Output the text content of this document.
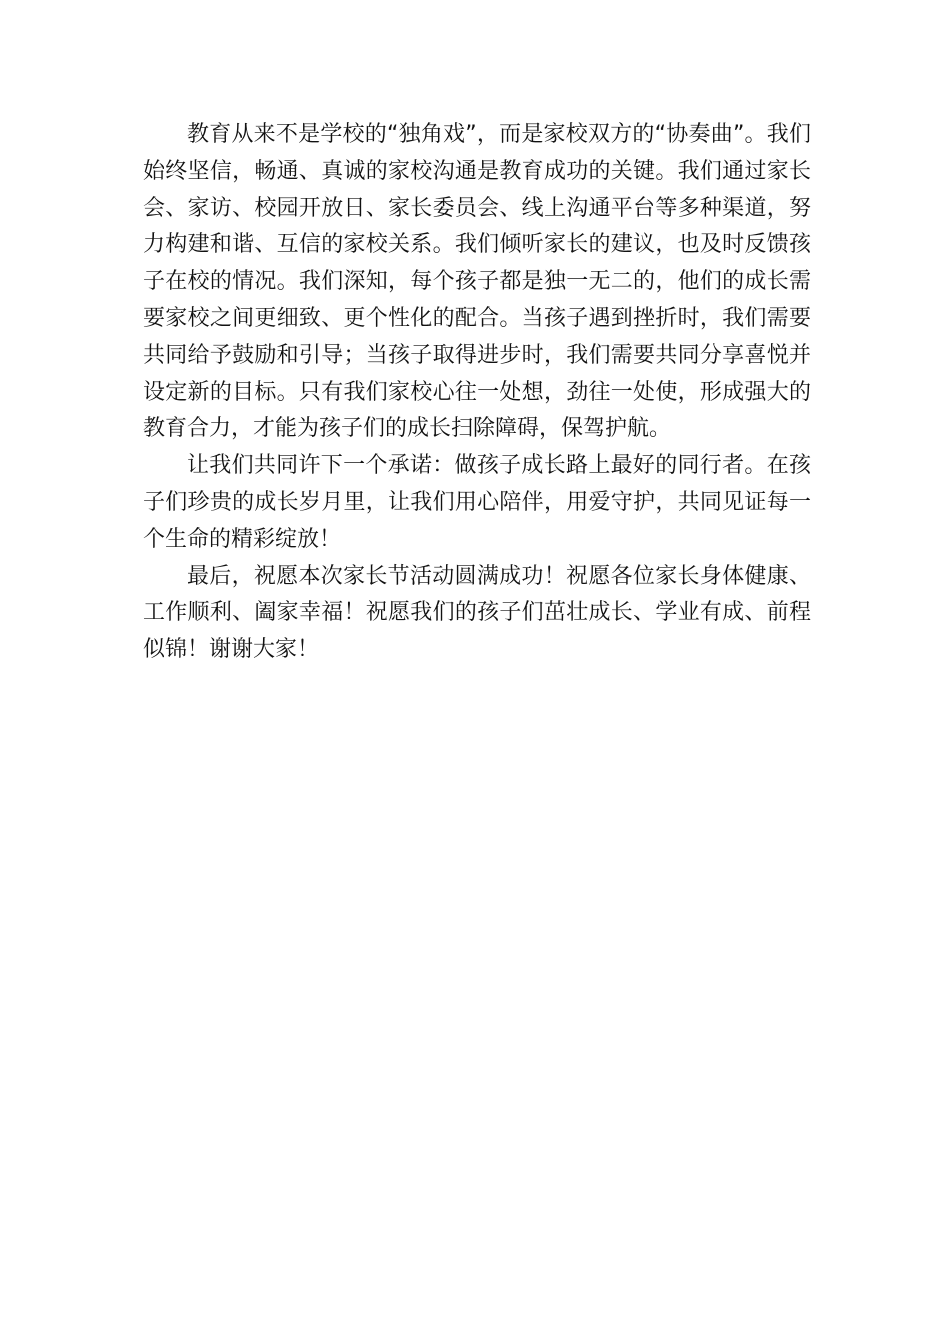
教育从来不是学校的“独角戏”，而是家校双方的“协奏曲”。我们始终坚信，畅通、真诚的家校沟通是教育成功的关键。我们通过家长会、家访、校园开放日、家长委员会、线上沟通平台等多种渠道，努力构建和谐、互信的家校关系。我们倾听家长的建议，也及时反馈孩子在校的情况。我们深知，每个孩子都是独一无二的，他们的成长需要家校之间更细致、更个性化的配合。当孩子遇到挫折时，我们需要共同给予鼓励和引导；当孩子取得进步时，我们需要共同分享喜悦并设定新的目标。只有我们家校心往一处想，劲往一处使，形成强大的教育合力，才能为孩子们的成长扫除障碍，保驾护航。

让我们共同许下一个承诺：做孩子成长路上最好的同行者。在孩子们珍贵的成长岁月里，让我们用心陪伴，用爱守护，共同见证每一个生命的精彩绽放！

最后，祝愿本次家长节活动圆满成功！祝愿各位家长身体健康、工作顺利、阖家幸福！祝愿我们的孩子们茁壮成长、学业有成、前程似锦！谢谢大家！
